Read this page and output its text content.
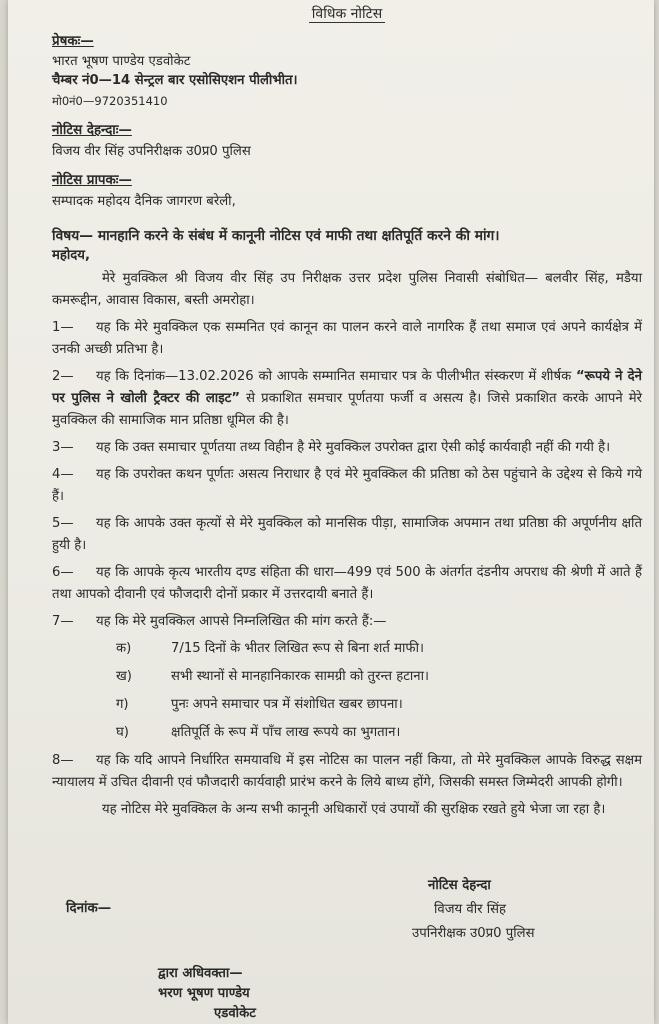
विधिक नोटिस

प्रेषकः—

भारत भूषण पाण्डेय एडवोकेट

चैम्बर नं0—14 सेन्ट्रल बार एसोसिएशन पीलीभीत।

मो0नं0—9720351410

नोटिस देहन्दाः—

विजय वीर सिंह उपनिरीक्षक उ0प्र0 पुलिस

नोटिस प्रापकः—

सम्पादक महोदय दैनिक जागरण बरेली,

विषय— मानहानि करने के संबंध में कानूनी नोटिस एवं माफी तथा क्षतिपूर्ति करने की मांग।

महोदय,

मेरे मुवक्किल श्री विजय वीर सिंह उप निरीक्षक उत्तर प्रदेश पुलिस निवासी संबोधित— बलवीर सिंह, मडैया कमरूद्दीन, आवास विकास, बस्ती अमरोहा।

1— यह कि मेरे मुवक्किल एक सम्मनित एवं कानून का पालन करने वाले नागरिक हैं तथा समाज एवं अपने कार्यक्षेत्र में उनकी अच्छी प्रतिभा है।

2— यह कि दिनांक—13.02.2026 को आपके सम्मानित समाचार पत्र के पीलीभीत संस्करण में शीर्षक “रूपये ने देने पर पुलिस ने खोली ट्रैक्टर की लाइट” से प्रकाशित समचार पूर्णतया फर्जी व असत्य है। जिसे प्रकाशित करके आपने मेरे मुवक्किल की सामाजिक मान प्रतिष्ठा धूमिल की है।

3— यह कि उक्त समाचार पूर्णतया तथ्य विहीन है मेरे मुवक्किल उपरोक्त द्वारा ऐसी कोई कार्यवाही नहीं की गयी है।

4— यह कि उपरोक्त कथन पूर्णतः असत्य निराधार है एवं मेरे मुवक्किल की प्रतिष्ठा को ठेस पहुंचाने के उद्देश्य से किये गये हैं।

5— यह कि आपके उक्त कृत्यों से मेरे मुवक्किल को मानसिक पीड़ा, सामाजिक अपमान तथा प्रतिष्ठा की अपूर्णनीय क्षति हुयी है।

6— यह कि आपके कृत्य भारतीय दण्ड संहिता की धारा—499 एवं 500 के अंतर्गत दंडनीय अपराध की श्रेणी में आते हैं तथा आपको दीवानी एवं फौजदारी दोनों प्रकार में उत्तरदायी बनाते हैं।

7— यह कि मेरे मुवक्किल आपसे निम्नलिखित की मांग करते हैं:—

क)	7/15 दिनों के भीतर लिखित रूप से बिना शर्त माफी।
ख)	सभी स्थानों से मानहानिकारक सामग्री को तुरन्त हटाना।
ग)	पुनः अपने समाचार पत्र में संशोधित खबर छापना।
घ)	क्षतिपूर्ति के रूप में पॉंच लाख रूपये का भुगतान।

8— यह कि यदि आपने निर्धारित समयावधि में इस नोटिस का पालन नहीं किया, तो मेरे मुवक्किल आपके विरुद्ध सक्षम न्यायालय में उचित दीवानी एवं फौजदारी कार्यवाही प्रारंभ करने के लिये बाध्य होंगे, जिसकी समस्त जिम्मेदरी आपकी होगी।

यह नोटिस मेरे मुवक्किल के अन्य सभी कानूनी अधिकारों एवं उपायों की सुरक्षिक रखते हुये भेजा जा रहा है।

नोटिस देहन्दा
विजय वीर सिंह
उपनिरीक्षक उ0प्र0 पुलिस
दिनांक—
द्वारा अधिवक्ता—
भरण भूषण पाण्डेय
एडवोकेट
